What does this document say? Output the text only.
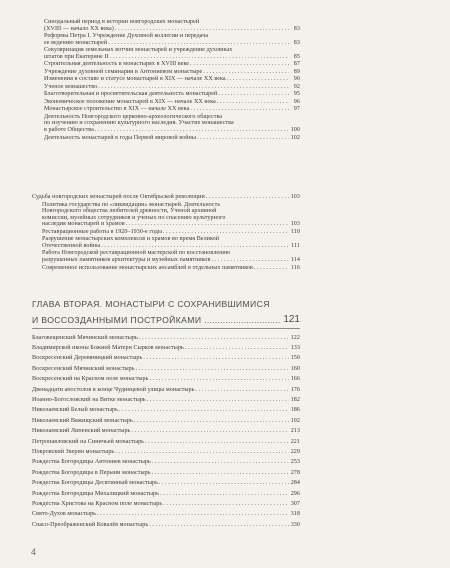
Синодальный период в истории новгородских монастырей
(XVIII — начало XX века) . . .	83
Реформы Петра I. Учреждение Духовной коллегии и передача
ее ведению монастырей . . .	83
Секуляризация земельных вотчин монастырей и учреждение духовных
штатов при Екатерине II . . .	85
Строительная деятельность в монастырях в XVIII веке . . .	87
Учреждение духовной семинарии в Антониевом монастыре . . .	89
Изменения в составе и статусе монастырей в XIX — начале XX века . . .	90
Ученое монашество . . .	92
Благотворительная и просветительская деятельность монастырей . . .	95
Экономическое положение монастырей в XIX — начале XX века . . .	96
Монастырское строительство в XIX — начале XX века . . .	97
Деятельность Новгородского церковно-археологического общества
по изучению и сохранению культурного наследия. Участие монашества
в работе Общества . . .	100
Деятельность монастырей в годы Первой мировой войны . . .	102
Судьба новгородских монастырей после Октябрьской революции . . .	103
Политика государства по «ликвидации» монастырей. Деятельность
Новгородского общества любителей древности, Ученой архивной
комиссии, музейных сотрудников и ученых по спасению культурного
наследия монастырей и храмов . . .	103
Реставрационные работы в 1920–1930-е годы . . .	110
Разрушение монастырских комплексов и храмов во время Великой
Отечественной войны . . .	111
Работа Новгородской реставрационной мастерской по восстановлению
разрушенных памятников архитектуры и музейных памятников . . .	114
Современное использование монастырских ансамблей в отдельных памятников . . .	116
ГЛАВА ВТОРАЯ. МОНАСТЫРИ С СОХРАНИВШИМИСЯ
И ВОССОЗДАННЫМИ ПОСТРОЙКАМИ .....	121
Благовещенский Мячинский монастырь . . .	122
Владимирской иконы Божией Матери Сырков монастырь . . .	133
Воскресенский Деревяницкий монастырь . . .	150
Воскресенский Мячинский монастырь . . .	160
Воскресенский на Красном поле монастырь . . .	166
Двенадцати апостолов в конце Чудинцевой улицы монастырь . . .	176
Иоанно-Богословский на Витке монастырь . . .	182
Николаевский Белый монастырь . . .	186
Николаевский Вяжищский монастырь . . .	192
Николаевский Липенский монастырь . . .	213
Петропавловский на Синичьей монастырь . . .	221
Покровский Зверин монастырь . . .	229
Рождества Богородицы Антониев монастырь . . .	253
Рождества Богородицы в Перыни монастырь . . .	278
Рождества Богородицы Десятинный монастырь . . .	284
Рождества Богородицы Михалицкий монастырь . . .	296
Рождества Христова на Красном поле монастырь . . .	307
Свято-Духов монастырь . . .	318
Спасо-Преображенский Ковалёв монастырь . . .	330
4
